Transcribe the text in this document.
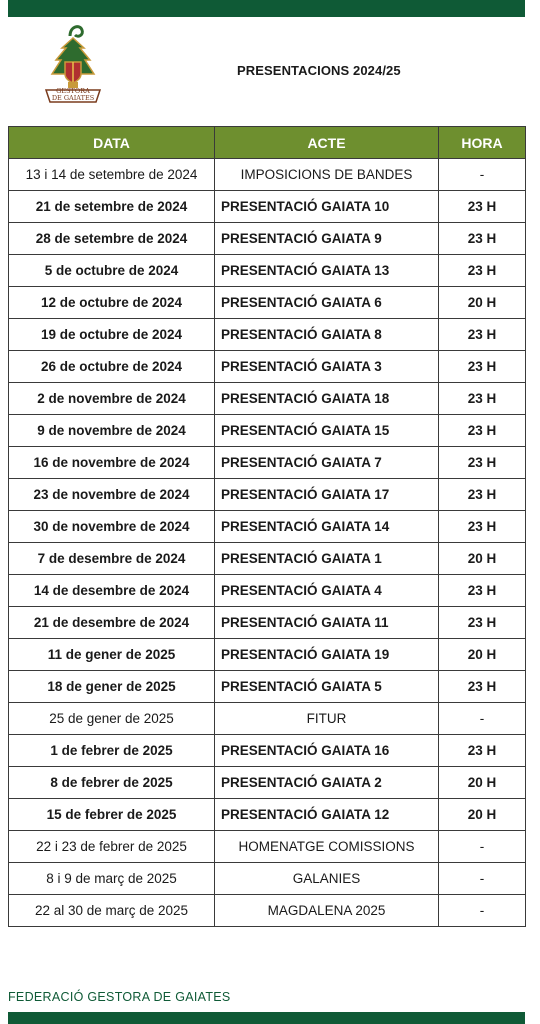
GESTORA
DE GAIATES
PRESENTACIONS 2024/25
DATA	ACTE	HORA
13 i 14 de setembre de 2024	IMPOSICIONS DE BANDES	-
21 de setembre de 2024	PRESENTACIÓ GAIATA 10	23 H
28 de setembre de 2024	PRESENTACIÓ GAIATA 9	23 H
5 de octubre de 2024	PRESENTACIÓ GAIATA 13	23 H
12 de octubre de 2024	PRESENTACIÓ GAIATA 6	20 H
19 de octubre de 2024	PRESENTACIÓ GAIATA 8	23 H
26 de octubre de 2024	PRESENTACIÓ GAIATA 3	23 H
2 de novembre de 2024	PRESENTACIÓ GAIATA 18	23 H
9 de novembre de 2024	PRESENTACIÓ GAIATA 15	23 H
16 de novembre de 2024	PRESENTACIÓ GAIATA 7	23 H
23 de novembre de 2024	PRESENTACIÓ GAIATA 17	23 H
30 de novembre de 2024	PRESENTACIÓ GAIATA 14	23 H
7 de desembre de 2024	PRESENTACIÓ GAIATA 1	20 H
14 de desembre de 2024	PRESENTACIÓ GAIATA 4	23 H
21 de desembre de 2024	PRESENTACIÓ GAIATA 11	23 H
11 de gener de 2025	PRESENTACIÓ GAIATA 19	20 H
18 de gener de 2025	PRESENTACIÓ GAIATA 5	23 H
25 de gener de 2025	FITUR	-
1 de febrer de 2025	PRESENTACIÓ GAIATA 16	23 H
8 de febrer de 2025	PRESENTACIÓ GAIATA 2	20 H
15 de febrer de 2025	PRESENTACIÓ GAIATA 12	20 H
22 i 23 de febrer de 2025	HOMENATGE COMISSIONS	-
8 i 9 de març de 2025	GALANIES	-
22 al 30 de març de 2025	MAGDALENA 2025	-
FEDERACIÓ GESTORA DE GAIATES
